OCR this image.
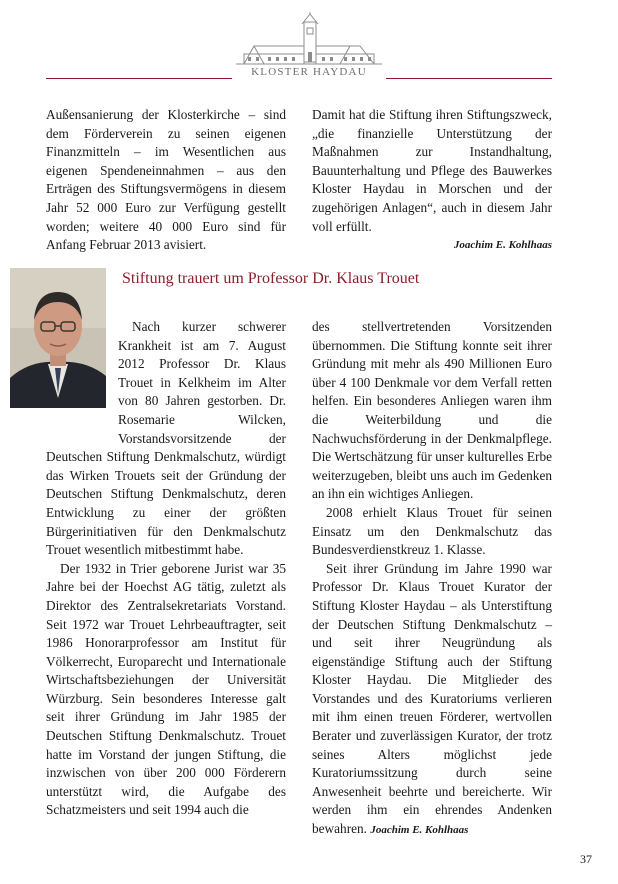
KLOSTER HAYDAU

Außensanierung der Klosterkirche – sind dem Förderverein zu seinen eigenen Finanzmitteln – im Wesentlichen aus eigenen Spendeneinnahmen – aus den Erträgen des Stiftungsvermögens in diesem Jahr 52 000 Euro zur Verfügung gestellt worden; weitere 40 000 Euro sind für Anfang Februar 2013 avisiert.

Damit hat die Stiftung ihren Stiftungszweck, „die finanzielle Unterstützung der Maßnahmen zur Instandhaltung, Bauunterhaltung und Pflege des Bauwerkes Kloster Haydau in Morschen und der zugehörigen Anlagen“, auch in diesem Jahr voll erfüllt.

Joachim E. Kohlhaas

Stiftung trauert um Professor Dr. Klaus Trouet

Nach kurzer schwerer Krankheit ist am 7. August 2012 Professor Dr. Klaus Trouet in Kelkheim im Alter von 80 Jahren gestorben. Dr. Rosemarie Wilcken, Vorstandsvorsitzende der Deutschen Stiftung Denkmalschutz, würdigt das Wirken Trouets seit der Gründung der Deutschen Stiftung Denkmalschutz, deren Entwicklung zu einer der größten Bürgerinitiativen für den Denkmalschutz Trouet wesentlich mitbestimmt habe.

Der 1932 in Trier geborene Jurist war 35 Jahre bei der Hoechst AG tätig, zuletzt als Direktor des Zentralsekretariats Vorstand. Seit 1972 war Trouet Lehrbeauftragter, seit 1986 Honorarprofessor am Institut für Völkerrecht, Europarecht und Internationale Wirtschaftsbeziehungen der Universität Würzburg. Sein besonderes Interesse galt seit ihrer Gründung im Jahr 1985 der Deutschen Stiftung Denkmalschutz. Trouet hatte im Vorstand der jungen Stiftung, die inzwischen von über 200 000 Förderern unterstützt wird, die Aufgabe des Schatzmeisters und seit 1994 auch die

des stellvertretenden Vorsitzenden übernommen. Die Stiftung konnte seit ihrer Gründung mit mehr als 490 Millionen Euro über 4 100 Denkmale vor dem Verfall retten helfen. Ein besonderes Anliegen waren ihm die Weiterbildung und die Nachwuchsförderung in der Denkmalpflege. Die Wertschätzung für unser kulturelles Erbe weiterzugeben, bleibt uns auch im Gedenken an ihn ein wichtiges Anliegen.

2008 erhielt Klaus Trouet für seinen Einsatz um den Denkmalschutz das Bundesverdienstkreuz 1. Klasse.

Seit ihrer Gründung im Jahre 1990 war Professor Dr. Klaus Trouet Kurator der Stiftung Kloster Haydau – als Unterstiftung der Deutschen Stiftung Denkmalschutz – und seit ihrer Neugründung als eigenständige Stiftung auch der Stiftung Kloster Haydau. Die Mitglieder des Vorstandes und des Kuratoriums verlieren mit ihm einen treuen Förderer, wertvollen Berater und zuverlässigen Kurator, der trotz seines Alters möglichst jede Kuratoriumssitzung durch seine Anwesenheit beehrte und bereicherte. Wir werden ihm ein ehrendes Andenken bewahren. Joachim E. Kohlhaas

37
